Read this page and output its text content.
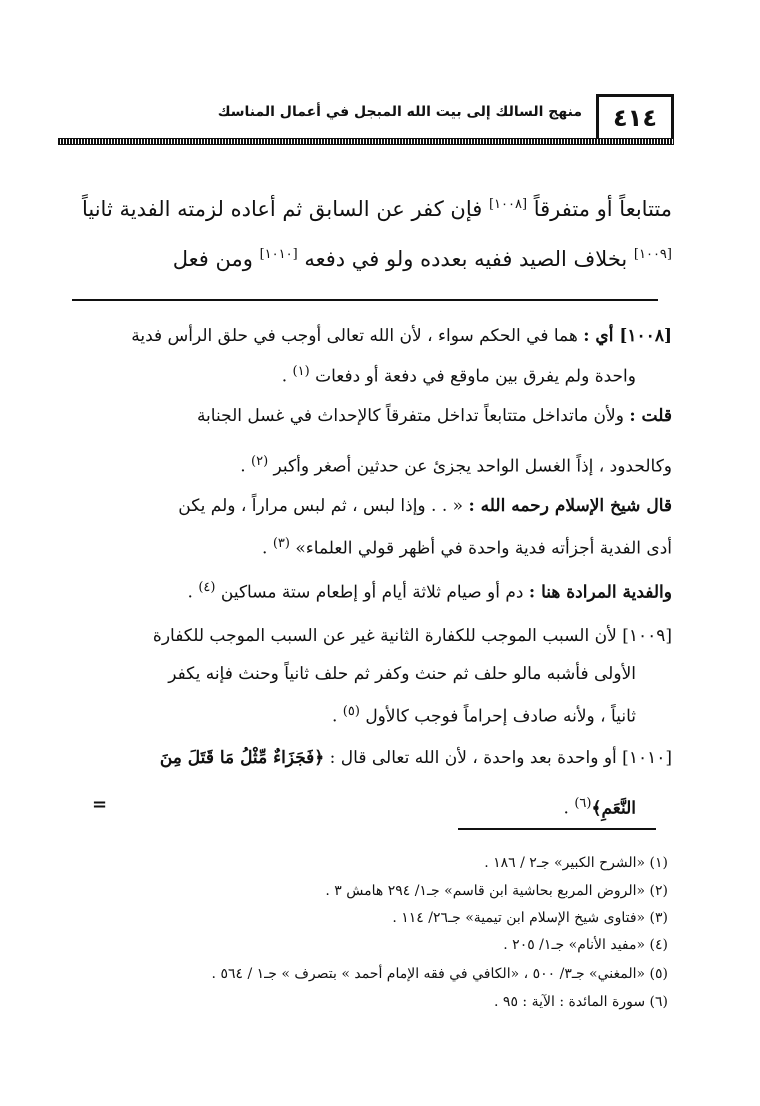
٤١٤
منهج السالك إلى بيت الله المبجل في أعمال المناسك
متتابعاً أو متفرقاً [١٠٠٨] فإن كفر عن السابق ثم أعاده لزمته الفدية ثانياً
[١٠٠٩] بخلاف الصيد ففيه بعدده ولو في دفعه [١٠١٠] ومن فعل
[١٠٠٨] أي : هما في الحكم سواء ، لأن الله تعالى أوجب في حلق الرأس فدية
واحدة ولم يفرق بين ماوقع في دفعة أو دفعات $^{(١)}$ .
قلت : ولأن ماتداخل متتابعاً تداخل متفرقاً كالإحداث في غسل الجنابة
وكالحدود ، إذاً الغسل الواحد يجزئ عن حدثين أصغر وأكبر $^{(٢)}$ .
قال شيخ الإسلام رحمه الله : « . . وإذا لبس ، ثم لبس مراراً ، ولم يكن
أدى الفدية أجزأته فدية واحدة في أظهر قولي العلماء» $^{(٣)}$ .
والفدية المرادة هنا : دم أو صيام ثلاثة أيام أو إطعام ستة مساكين $^{(٤)}$ .
[١٠٠٩] لأن السبب الموجب للكفارة الثانية غير عن السبب الموجب للكفارة
الأولى فأشبه مالو حلف ثم حنث وكفر ثم حلف ثانياً وحنث فإنه يكفر
ثانياً ، ولأنه صادف إحراماً فوجب كالأول $^{(٥)}$ .
[١٠١٠] أو واحدة بعد واحدة ، لأن الله تعالى قال : ﴿فَجَزَاءٌ مِّثْلُ مَا قَتَلَ مِنَ
النَّعَمِ﴾$^{(٦)}$ .
=
(١) «الشرح الكبير» جـ٢ / ١٨٦ .
(٢) «الروض المربع بحاشية ابن قاسم» جـ١/ ٢٩٤ هامش ٣ .
(٣) «فتاوى شيخ الإسلام ابن تيمية» جـ٢٦/ ١١٤ .
(٤) «مفيد الأنام» جـ١/ ٢٠٥ .
(٥) «المغني» جـ٣/ ٥٠٠ ، «الكافي في فقه الإمام أحمد » بتصرف » جـ١ / ٥٦٤ .
(٦) سورة المائدة : الآية : ٩٥ .
